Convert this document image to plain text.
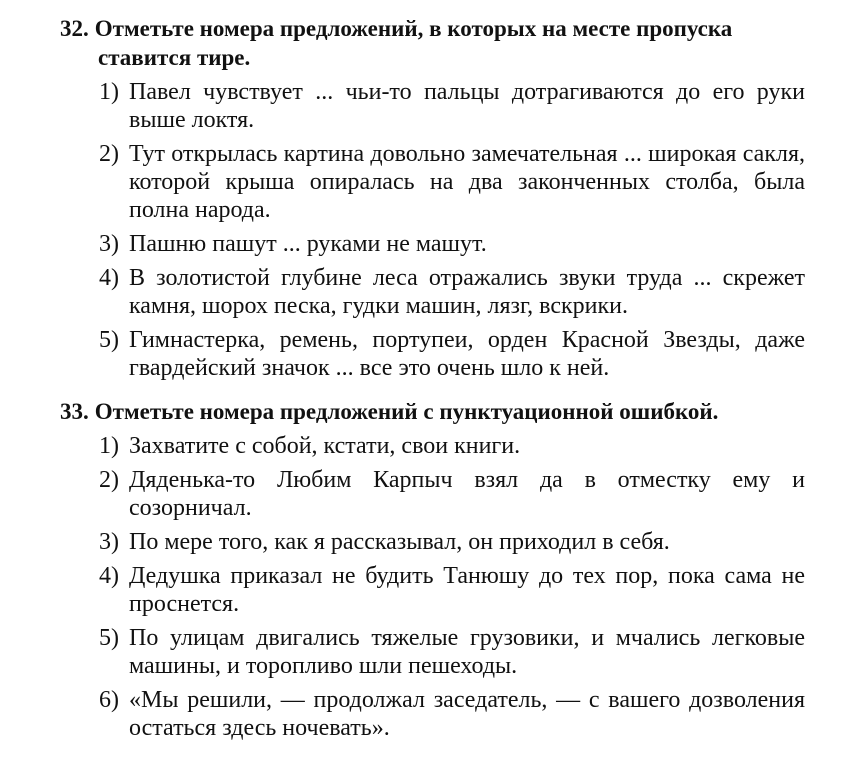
32. Отметьте номера предложений, в которых на месте пропуска
ставится тире.

1) Павел чувствует ... чьи-то пальцы дотрагиваются до его руки выше локтя.
2) Тут открылась картина довольно замечательная ... широкая сакля, которой крыша опиралась на два законченных столба, была полна народа.
3) Пашню пашут ... руками не машут.
4) В золотистой глубине леса отражались звуки труда ... скрежет камня, шорох песка, гудки машин, лязг, вскрики.
5) Гимнастерка, ремень, портупеи, орден Красной Звезды, даже гвардейский значок ... все это очень шло к ней.

33. Отметьте номера предложений с пунктуационной ошибкой.

1) Захватите с собой, кстати, свои книги.
2) Дяденька-то Любим Карпыч взял да в отместку ему и созорничал.
3) По мере того, как я рассказывал, он приходил в себя.
4) Дедушка приказал не будить Танюшу до тех пор, пока сама не проснется.
5) По улицам двигались тяжелые грузовики, и мчались легковые машины, и торопливо шли пешеходы.
6) «Мы решили, — продолжал заседатель, — с вашего дозволения остаться здесь ночевать».
